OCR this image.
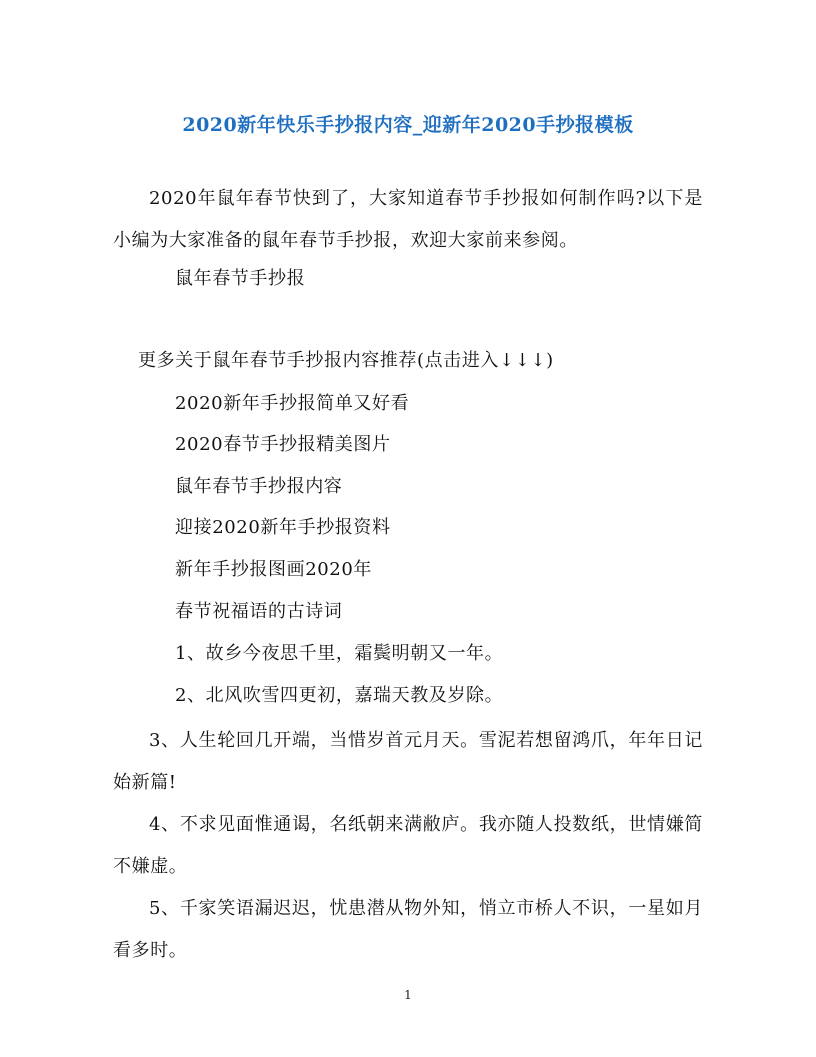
2020新年快乐手抄报内容_迎新年2020手抄报模板

2020年鼠年春节快到了，大家知道春节手抄报如何制作吗?以下是小编为大家准备的鼠年春节手抄报，欢迎大家前来参阅。

鼠年春节手抄报
更多关于鼠年春节手抄报内容推荐(点击进入↓↓↓)
2020新年手抄报简单又好看
2020春节手抄报精美图片
鼠年春节手抄报内容
迎接2020新年手抄报资料
新年手抄报图画2020年
春节祝福语的古诗词
1、故乡今夜思千里，霜鬓明朝又一年。
2、北风吹雪四更初，嘉瑞天教及岁除。

3、人生轮回几开端，当惜岁首元月天。雪泥若想留鸿爪，年年日记始新篇!

4、不求见面惟通谒，名纸朝来满敝庐。我亦随人投数纸，世情嫌简不嫌虚。

5、千家笑语漏迟迟，忧患潜从物外知，悄立市桥人不识，一星如月看多时。

1
